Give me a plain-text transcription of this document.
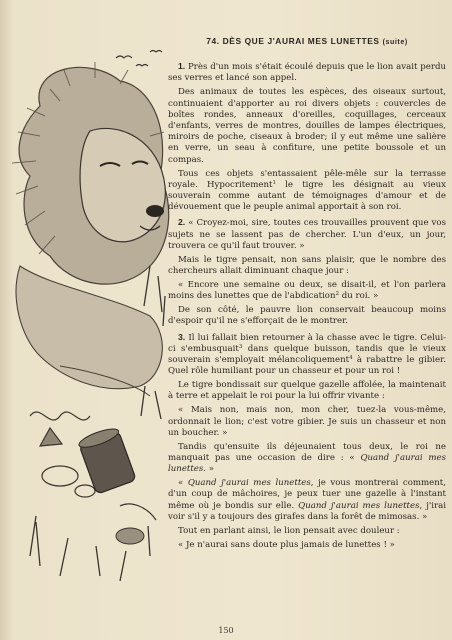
74. DÈS QUE J'AURAI MES LUNETTES (suite)

1. Près d'un mois s'était écoulé depuis que le lion avait perdu ses verres et lancé son appel.

Des animaux de toutes les espèces, des oiseaux surtout, continuaient d'apporter au roi divers objets : couvercles de boîtes rondes, anneaux d'oreilles, coquillages, cerceaux d'enfants, verres de montres, douilles de lampes électriques, miroirs de poche, ciseaux à broder; il y eut même une salière en verre, un seau à confiture, une petite boussole et un compas.

Tous ces objets s'entassaient pêle-mêle sur la terrasse royale. Hypocritement$^1$ le tigre les désignait au vieux souverain comme autant de témoignages d'amour et de dévouement que le peuple animal apportait à son roi.

2. « Croyez-moi, sire, toutes ces trouvailles prouvent que vos sujets ne se lassent pas de chercher. L'un d'eux, un jour, trouvera ce qu'il faut trouver. »

Mais le tigre pensait, non sans plaisir, que le nombre des chercheurs allait diminuant chaque jour :

« Encore une semaine ou deux, se disait-il, et l'on parlera moins des lunettes que de l'abdication$^2$ du roi. »

De son côté, le pauvre lion conservait beaucoup moins d'espoir qu'il ne s'efforçait de le montrer.

3. Il lui fallait bien retourner à la chasse avec le tigre. Celui-ci s'embusquait$^3$ dans quelque buisson, tandis que le vieux souverain s'employait mélancoliquement$^4$ à rabattre le gibier. Quel rôle humiliant pour un chasseur et pour un roi !

Le tigre bondissait sur quelque gazelle affolée, la maintenait à terre et appelait le roi pour la lui offrir vivante :

« Mais non, mais non, mon cher, tuez-la vous-même, ordonnait le lion; c'est votre gibier. Je suis un chasseur et non un boucher. »

Tandis qu'ensuite ils déjeunaient tous deux, le roi ne manquait pas une occasion de dire : « Quand j'aurai mes lunettes. »

« Quand j'aurai mes lunettes, je vous montrerai comment, d'un coup de mâchoires, je peux tuer une gazelle à l'instant même où je bondis sur elle. Quand j'aurai mes lunettes, j'irai voir s'il y a toujours des girafes dans la forêt de mimosas. »

Tout en parlant ainsi, le lion pensait avec douleur :

« Je n'aurai sans doute plus jamais de lunettes ! »

150
